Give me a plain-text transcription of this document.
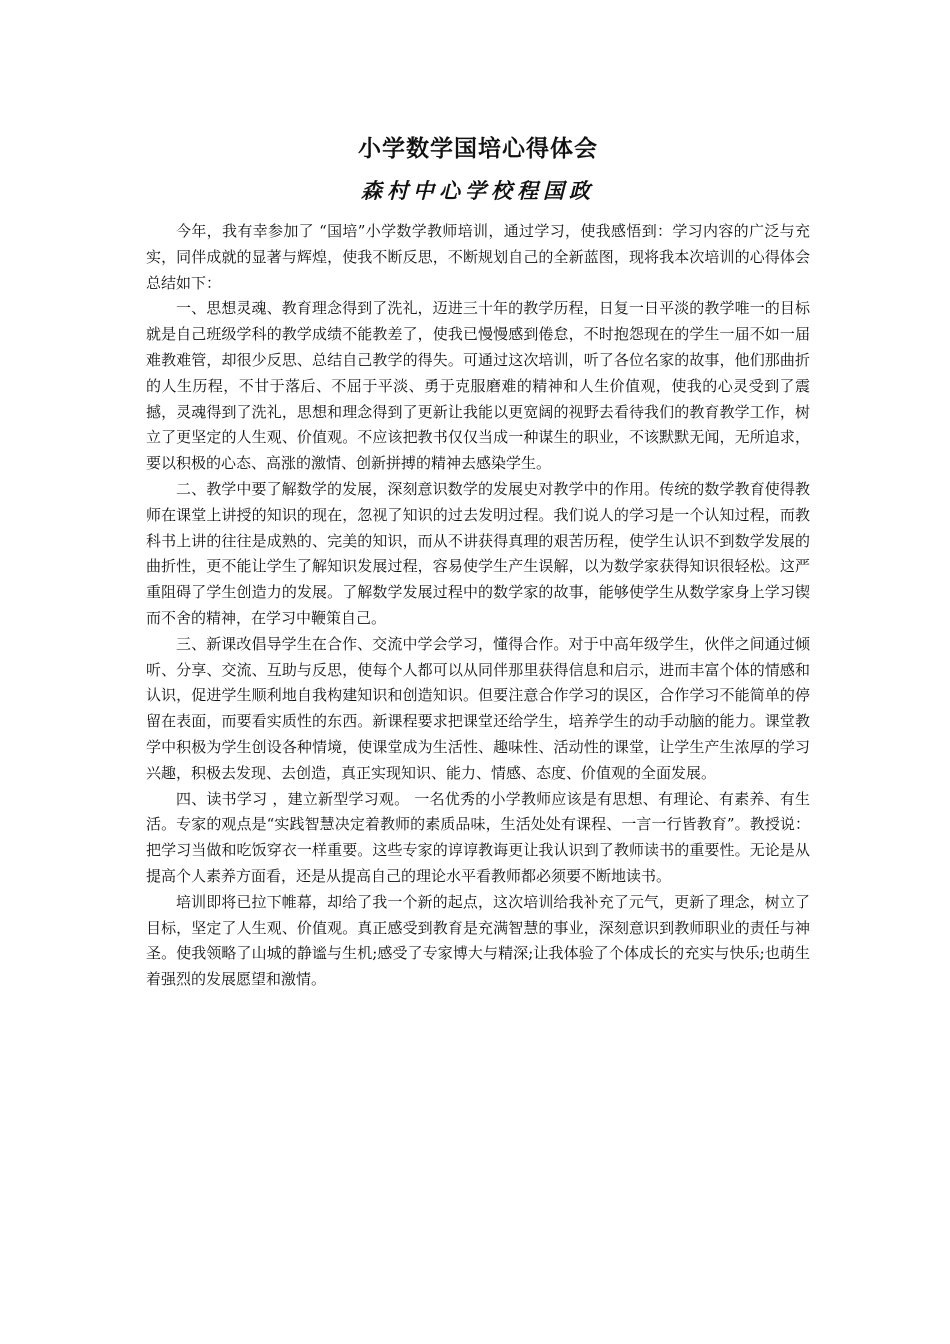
小学数学国培心得体会
森村中心学校程国政

今年，我有幸参加了 “国培”小学数学教师培训，通过学习，使我感悟到：学习内容的广泛与充实，同伴成就的显著与辉煌，使我不断反思，不断规划自己的全新蓝图，现将我本次培训的心得体会总结如下：

一、思想灵魂、教育理念得到了洗礼，迈进三十年的教学历程，日复一日平淡的教学唯一的目标就是自己班级学科的教学成绩不能教差了，使我已慢慢感到倦怠，不时抱怨现在的学生一届不如一届难教难管，却很少反思、总结自己教学的得失。可通过这次培训，听了各位名家的故事，他们那曲折的人生历程，不甘于落后、不屈于平淡、勇于克服磨难的精神和人生价值观，使我的心灵受到了震撼，灵魂得到了洗礼，思想和理念得到了更新让我能以更宽阔的视野去看待我们的教育教学工作，树立了更坚定的人生观、价值观。不应该把教书仅仅当成一种谋生的职业，不该默默无闻，无所追求，要以积极的心态、高涨的激情、创新拼搏的精神去感染学生。

二、教学中要了解数学的发展，深刻意识数学的发展史对教学中的作用。传统的数学教育使得教师在课堂上讲授的知识的现在，忽视了知识的过去发明过程。我们说人的学习是一个认知过程，而教科书上讲的往往是成熟的、完美的知识，而从不讲获得真理的艰苦历程，使学生认识不到数学发展的曲折性，更不能让学生了解知识发展过程，容易使学生产生误解，以为数学家获得知识很轻松。这严重阻碍了学生创造力的发展。了解数学发展过程中的数学家的故事，能够使学生从数学家身上学习锲而不舍的精神，在学习中鞭策自己。

三、新课改倡导学生在合作、交流中学会学习，懂得合作。对于中高年级学生，伙伴之间通过倾听、分享、交流、互助与反思，使每个人都可以从同伴那里获得信息和启示，进而丰富个体的情感和认识，促进学生顺利地自我构建知识和创造知识。但要注意合作学习的误区，合作学习不能简单的停留在表面，而要看实质性的东西。新课程要求把课堂还给学生，培养学生的动手动脑的能力。课堂教学中积极为学生创设各种情境，使课堂成为生活性、趣味性、活动性的课堂，让学生产生浓厚的学习兴趣，积极去发现、去创造，真正实现知识、能力、情感、态度、价值观的全面发展。

四、读书学习 ，建立新型学习观。 一名优秀的小学教师应该是有思想、有理论、有素养、有生活。专家的观点是“实践智慧决定着教师的素质品味，生活处处有课程、一言一行皆教育”。教授说：把学习当做和吃饭穿衣一样重要。这些专家的谆谆教诲更让我认识到了教师读书的重要性。无论是从提高个人素养方面看，还是从提高自己的理论水平看教师都必须要不断地读书。

培训即将已拉下帷幕，却给了我一个新的起点，这次培训给我补充了元气，更新了理念，树立了目标，坚定了人生观、价值观。真正感受到教育是充满智慧的事业，深刻意识到教师职业的责任与神圣。使我领略了山城的静谧与生机;感受了专家博大与精深;让我体验了个体成长的充实与快乐;也萌生着强烈的发展愿望和激情。
